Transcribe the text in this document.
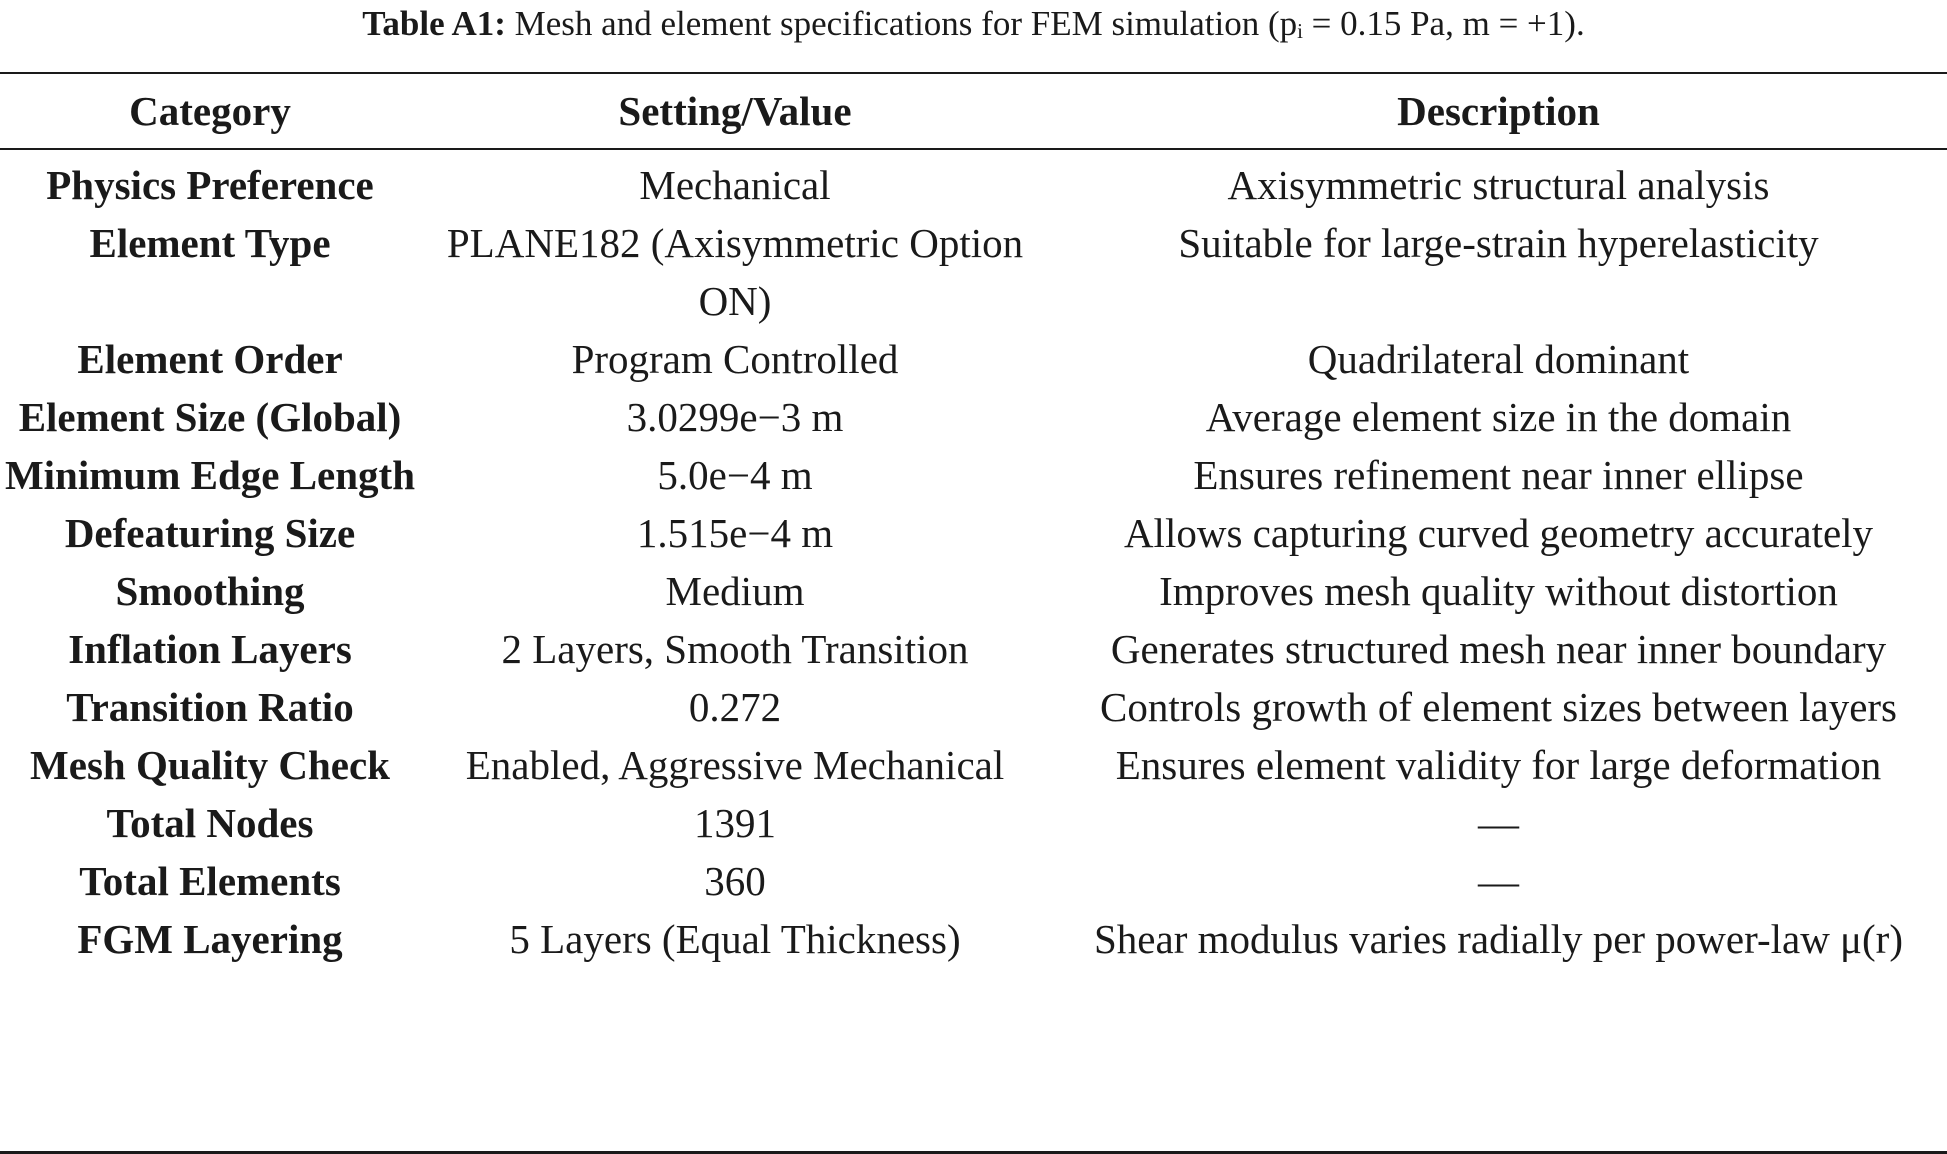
Table A1: Mesh and element specifications for FEM simulation (pᵢ = 0.15 Pa, m = +1).
Category	Setting/Value	Description
Physics Preference	Mechanical	Axisymmetric structural analysis
Element Type	PLANE182 (Axisymmetric Option ON)	Suitable for large-strain hyperelasticity
Element Order	Program Controlled	Quadrilateral dominant
Element Size (Global)	3.0299e−3 m	Average element size in the domain
Minimum Edge Length	5.0e−4 m	Ensures refinement near inner ellipse
Defeaturing Size	1.515e−4 m	Allows capturing curved geometry accurately
Smoothing	Medium	Improves mesh quality without distortion
Inflation Layers	2 Layers, Smooth Transition	Generates structured mesh near inner boundary
Transition Ratio	0.272	Controls growth of element sizes between layers
Mesh Quality Check	Enabled, Aggressive Mechanical	Ensures element validity for large deformation
Total Nodes	1391	—
Total Elements	360	—
FGM Layering	5 Layers (Equal Thickness)	Shear modulus varies radially per power-law μ(r)
